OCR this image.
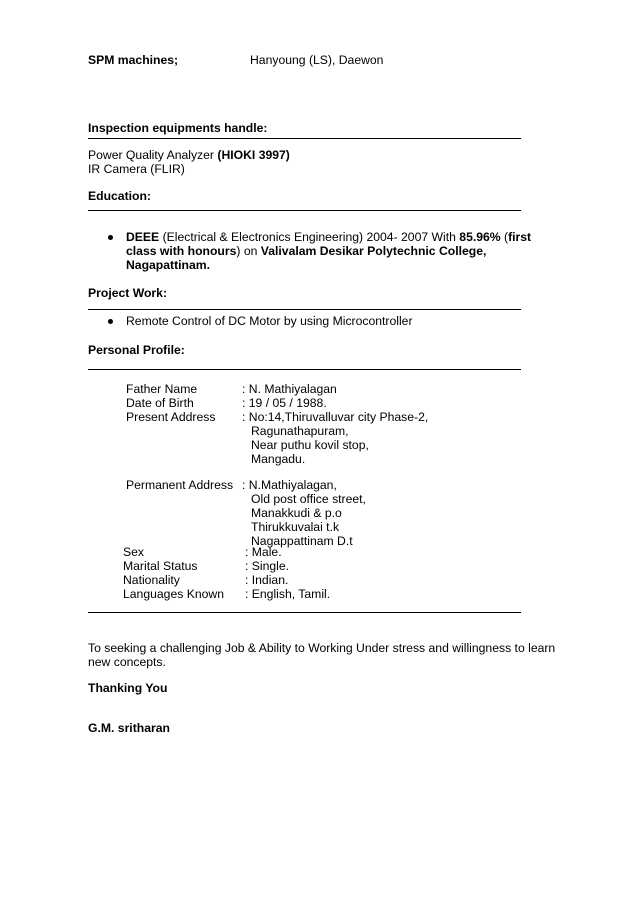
SPM machines;	Hanyoung (LS), Daewon
Inspection equipments handle:
Power Quality Analyzer (HIOKI 3997)
IR Camera (FLIR)
Education:
DEEE (Electrical & Electronics Engineering) 2004- 2007 With 85.96% (first
class with honours) on Valivalam Desikar Polytechnic College,
Nagapattinam.
Project Work:
Remote Control of DC Motor by using Microcontroller
Personal Profile:
Father Name	: N. Mathiyalagan
Date of Birth	: 19 / 05 / 1988.
Present Address : No:14,Thiruvalluvar city Phase-2,
Ragunathapuram,
Near puthu kovil stop,
Mangadu.
Permanent Address : N.Mathiyalagan,
Old post office street,
Manakkudi & p.o
Thirukkuvalai t.k
Nagappattinam D.t
Sex	: Male.
Marital Status	: Single.
Nationality	: Indian.
Languages Known : English, Tamil.
To seeking a challenging Job & Ability to Working Under stress and willingness to learn
new concepts.
Thanking You
G.M. sritharan
